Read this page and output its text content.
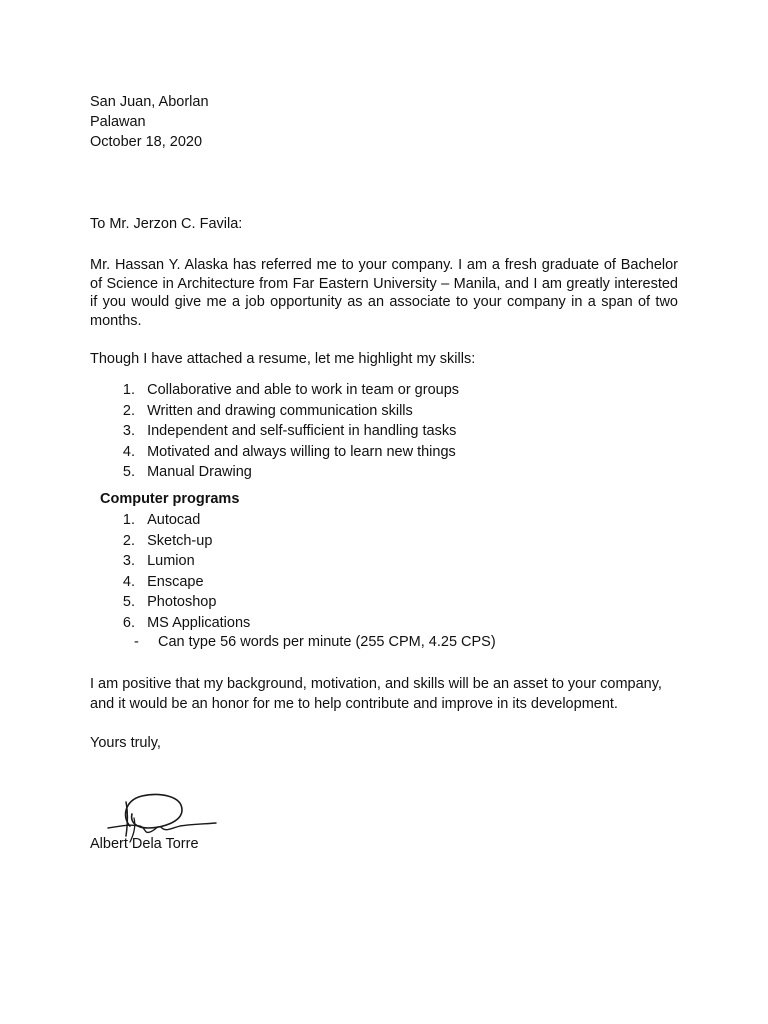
San Juan, Aborlan
Palawan
October 18, 2020
To Mr. Jerzon C. Favila:
Mr. Hassan Y. Alaska has referred me to your company. I am a fresh graduate of Bachelor of Science in Architecture from Far Eastern University – Manila, and I am greatly interested if you would give me a job opportunity as an associate to your company in a span of two months.
Though I have attached a resume, let me highlight my skills:
1. Collaborative and able to work in team or groups
2. Written and drawing communication skills
3. Independent and self-sufficient in handling tasks
4. Motivated and always willing to learn new things
5. Manual Drawing
Computer programs
1. Autocad
2. Sketch-up
3. Lumion
4. Enscape
5. Photoshop
6. MS Applications
- Can type 56 words per minute (255 CPM, 4.25 CPS)
I am positive that my background, motivation, and skills will be an asset to your company, and it would be an honor for me to help contribute and improve in its development.
Yours truly,
Albert Dela Torre
